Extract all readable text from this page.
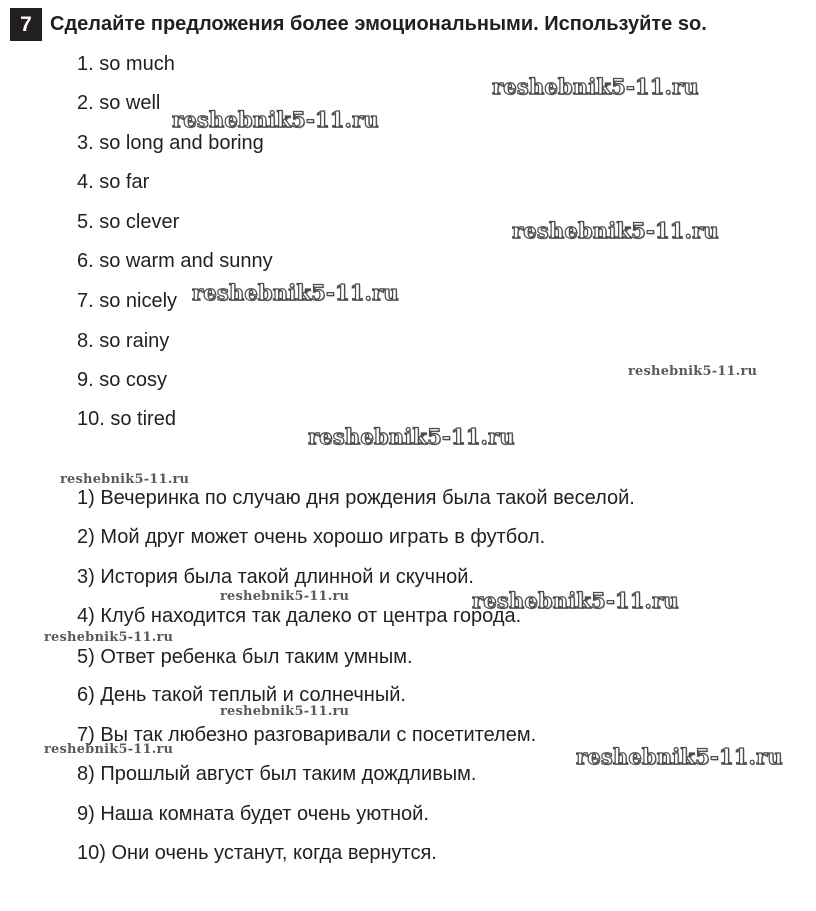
7 Сделайте предложения более эмоциональными. Используйте so.
1. so much
2. so well
3. so long and boring
4. so far
5. so clever
6. so warm and sunny
7. so nicely
8. so rainy
9. so cosy
10. so tired
1) Вечеринка по случаю дня рождения была такой веселой.
2) Мой друг может очень хорошо играть в футбол.
3) История была такой длинной и скучной.
4) Клуб находится так далеко от центра города.
5) Ответ ребенка был таким умным.
6) День такой теплый и солнечный.
7) Вы так любезно разговаривали с посетителем.
8) Прошлый август был таким дождливым.
9) Наша комната будет очень уютной.
10) Они очень устанут, когда вернутся.
reshebnik5-11.ru
reshebnik5-11.ru
reshebnik5-11.ru
reshebnik5-11.ru
reshebnik5-11.ru
reshebnik5-11.ru
reshebnik5-11.ru
reshebnik5-11.ru	reshebnik5-11.ru
reshebnik5-11.ru
reshebnik5-11.ru
reshebnik5-11.ru	reshebnik5-11.ru
